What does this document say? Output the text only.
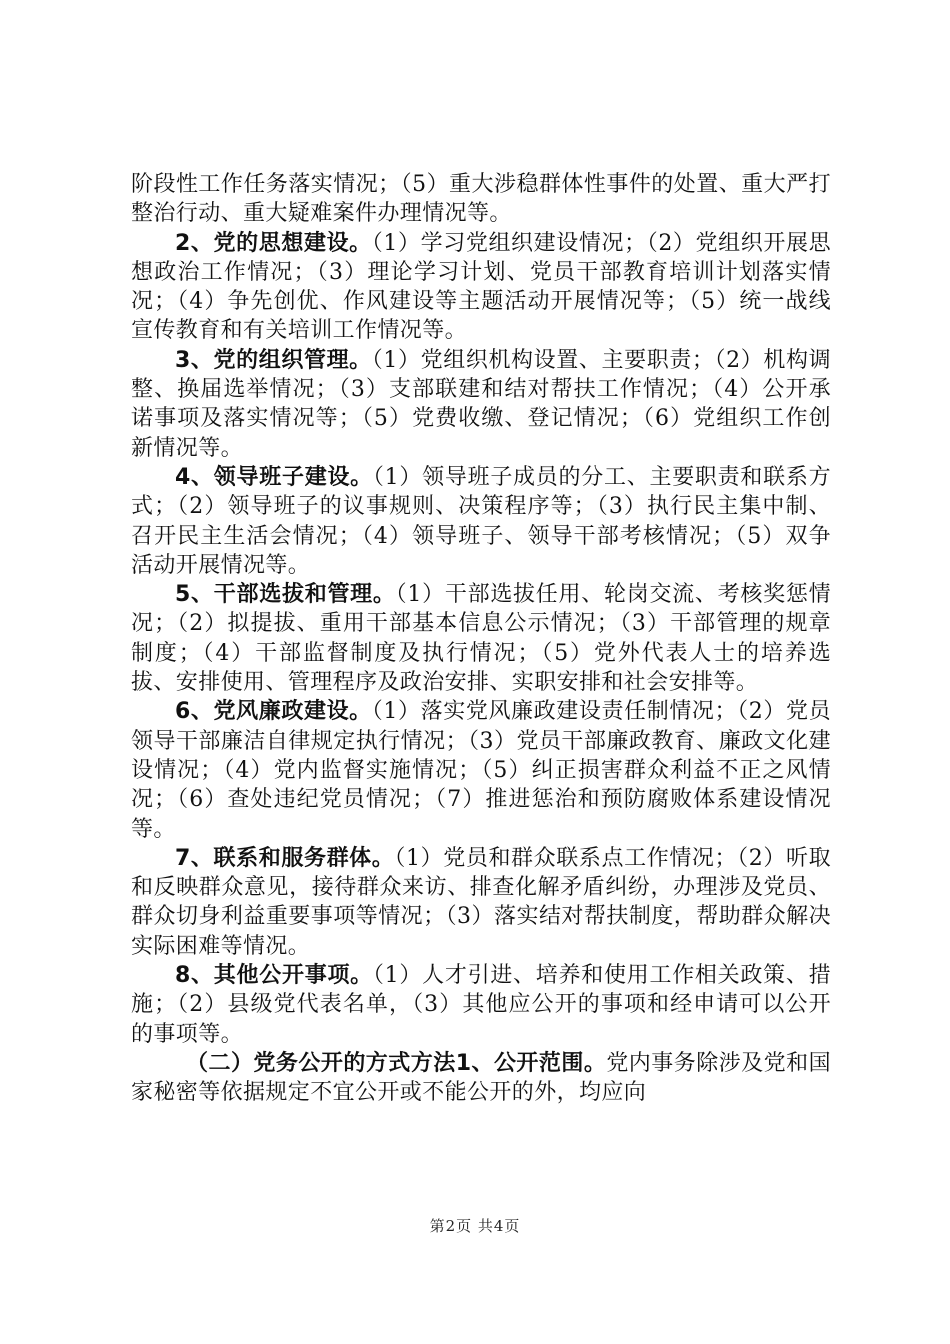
阶段性工作任务落实情况；（5）重大涉稳群体性事件的处置、重大严打整治行动、重大疑难案件办理情况等。

2、党的思想建设。（1）学习党组织建设情况；（2）党组织开展思想政治工作情况；（3）理论学习计划、党员干部教育培训计划落实情况；（4）争先创优、作风建设等主题活动开展情况等；（5）统一战线宣传教育和有关培训工作情况等。

3、党的组织管理。（1）党组织机构设置、主要职责；（2）机构调整、换届选举情况；（3）支部联建和结对帮扶工作情况；（4）公开承诺事项及落实情况等；（5）党费收缴、登记情况；（6）党组织工作创新情况等。

4、领导班子建设。（1）领导班子成员的分工、主要职责和联系方式；（2）领导班子的议事规则、决策程序等；（3）执行民主集中制、召开民主生活会情况；（4）领导班子、领导干部考核情况；（5）双争活动开展情况等。

5、干部选拔和管理。（1）干部选拔任用、轮岗交流、考核奖惩情况；（2）拟提拔、重用干部基本信息公示情况；（3）干部管理的规章制度；（4）干部监督制度及执行情况；（5）党外代表人士的培养选拔、安排使用、管理程序及政治安排、实职安排和社会安排等。

6、党风廉政建设。（1）落实党风廉政建设责任制情况；（2）党员领导干部廉洁自律规定执行情况；（3）党员干部廉政教育、廉政文化建设情况；（4）党内监督实施情况；（5）纠正损害群众利益不正之风情况；（6）查处违纪党员情况；（7）推进惩治和预防腐败体系建设情况等。

7、联系和服务群体。（1）党员和群众联系点工作情况；（2）听取和反映群众意见，接待群众来访、排查化解矛盾纠纷，办理涉及党员、群众切身利益重要事项等情况；（3）落实结对帮扶制度，帮助群众解决实际困难等情况。

8、其他公开事项。（1）人才引进、培养和使用工作相关政策、措施；（2）县级党代表名单，（3）其他应公开的事项和经申请可以公开的事项等。

（二）党务公开的方式方法1、公开范围。党内事务除涉及党和国家秘密等依据规定不宜公开或不能公开的外，均应向

第2页 共4页
